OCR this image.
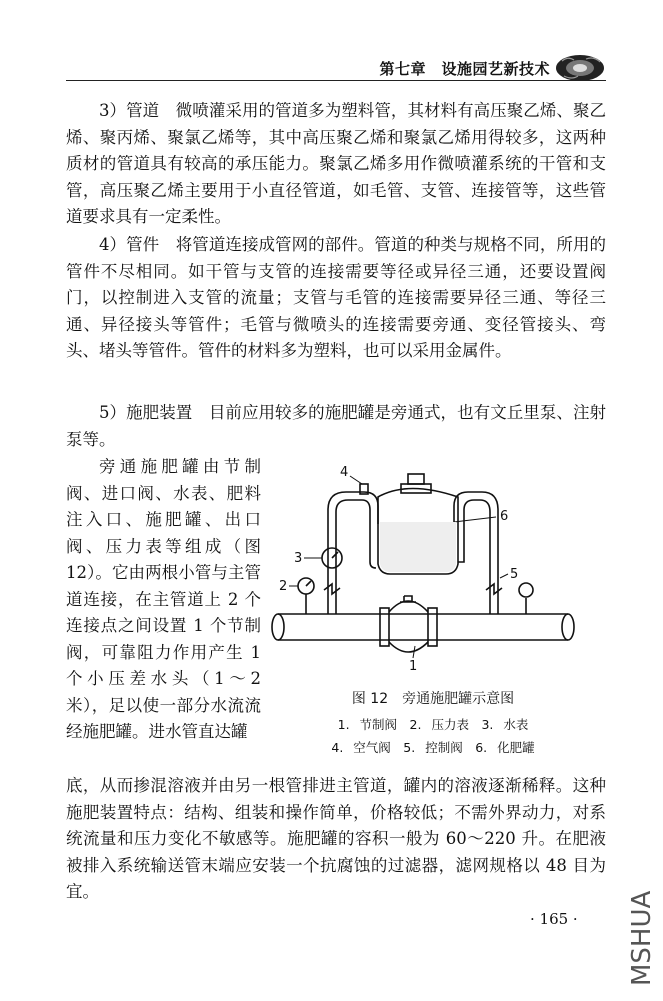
第七章　设施园艺新技术

3）管道　微喷灌采用的管道多为塑料管，其材料有高压聚乙烯、聚乙烯、聚丙烯、聚氯乙烯等，其中高压聚乙烯和聚氯乙烯用得较多，这两种质材的管道具有较高的承压能力。聚氯乙烯多用作微喷灌系统的干管和支管，高压聚乙烯主要用于小直径管道，如毛管、支管、连接管等，这些管道要求具有一定柔性。

4）管件　将管道连接成管网的部件。管道的种类与规格不同，所用的管件不尽相同。如干管与支管的连接需要等径或异径三通，还要设置阀门，以控制进入支管的流量；支管与毛管的连接需要异径三通、等径三通、异径接头等管件；毛管与微喷头的连接需要旁通、变径管接头、弯头、堵头等管件。管件的材料多为塑料，也可以采用金属件。

5）施肥装置　目前应用较多的施肥罐是旁通式，也有文丘里泵、注射泵等。

旁通施肥罐由节制阀、进口阀、水表、肥料注入口、施肥罐、出口阀、压力表等组成（图 12）。它由两根小管与主管道连接，在主管道上 2 个连接点之间设置 1 个节制阀，可靠阻力作用产生 1 个小压差水头（1～2 米），足以使一部分水流流经施肥罐。进水管直达罐

底，从而掺混溶液并由另一根管排进主管道，罐内的溶液逐渐稀释。这种施肥装置特点：结构、组装和操作简单，价格较低；不需外界动力，对系统流量和压力变化不敏感等。施肥罐的容积一般为 60～220 升。在肥液被排入系统输送管末端应安装一个抗腐蚀的过滤器，滤网规格以 48 目为宜。

1
2
3
4
5
6
图 12　旁通施肥罐示意图
1. 节制阀　2. 压力表　3. 水表
4. 空气阀　5. 控制阀　6. 化肥罐
· 165 · MSHUA
